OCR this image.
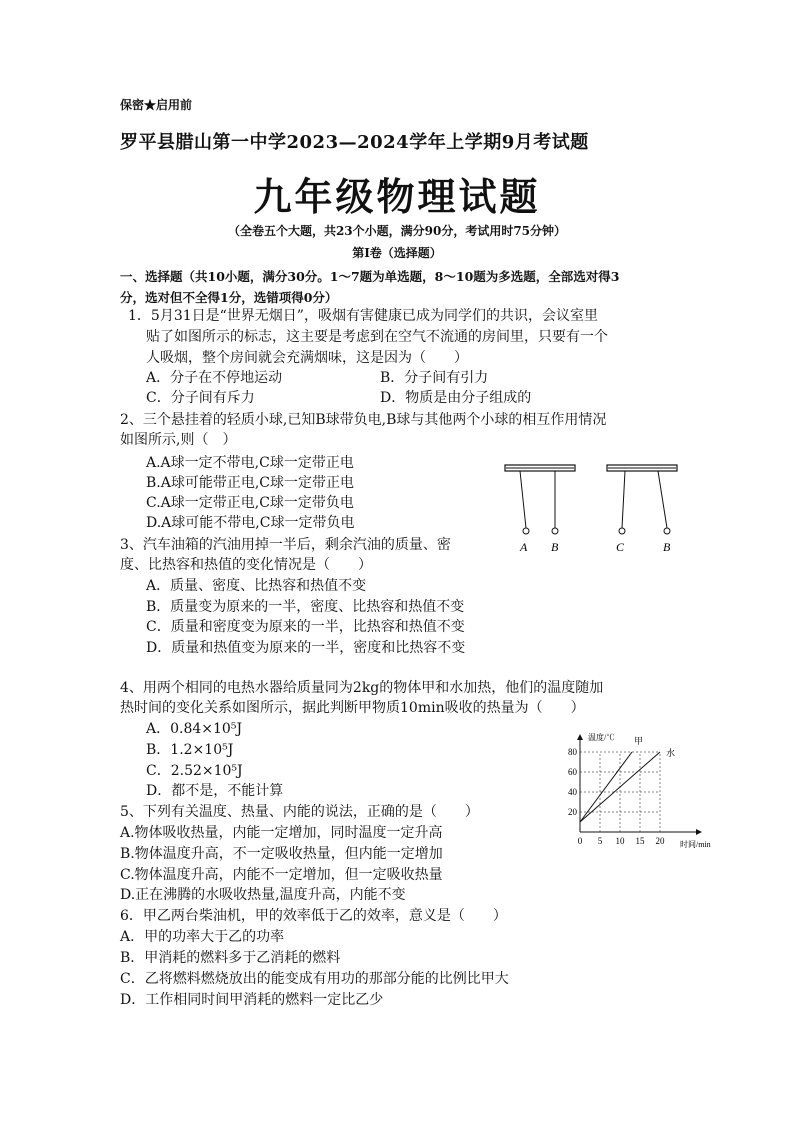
保密★启用前
罗平县腊山第一中学2023—2024学年上学期9月考试题
九年级物理试题
（全卷五个大题，共23个小题，满分90分，考试用时75分钟）
第Ⅰ卷（选择题）
一、选择题（共10小题，满分30分。1～7题为单选题，8～10题为多选题，全部选对得3
分，选对但不全得1分，选错项得0分）
1．5月31日是“世界无烟日”，吸烟有害健康已成为同学们的共识，会议室里
贴了如图所示的标志，这主要是考虑到在空气不流通的房间里，只要有一个
人吸烟，整个房间就会充满烟味，这是因为（　　）
A．分子在不停地运动	B．分子间有引力
C．分子间有斥力	D．物质是由分子组成的
2、三个悬挂着的轻质小球,已知B球带负电,B球与其他两个小球的相互作用情况
如图所示,则（　）
A.A球一定不带电,C球一定带正电
B.A球可能带正电,C球一定带正电
C.A球一定带正电,C球一定带负电
D.A球可能不带电,C球一定带负电
A B	C	B
3、汽车油箱的汽油用掉一半后，剩余汽油的质量、密
度、比热容和热值的变化情况是（　　）
A．质量、密度、比热容和热值不变
B．质量变为原来的一半，密度、比热容和热值不变
C．质量和密度变为原来的一半，比热容和热值不变
D．质量和热值变为原来的一半，密度和比热容不变
4、用两个相同的电热水器给质量同为2kg的物体甲和水加热，他们的温度随加
热时间的变化关系如图所示，据此判断甲物质10min吸收的热量为（　　）
A．0.84×10⁵J
B．1.2×10⁵J
C．2.52×10⁵J
D．都不是，不能计算
0 5 10 15 20
20
40
60
80
温度/℃
时间/min
甲
水
5、下列有关温度、热量、内能的说法，正确的是（　　）
A.物体吸收热量，内能一定增加，同时温度一定升高
B.物体温度升高，不一定吸收热量，但内能一定增加
C.物体温度升高，内能不一定增加，但一定吸收热量
D.正在沸腾的水吸收热量,温度升高，内能不变
6．甲乙两台柴油机，甲的效率低于乙的效率，意义是（　　）
A．甲的功率大于乙的功率
B．甲消耗的燃料多于乙消耗的燃料
C．乙将燃料燃烧放出的能变成有用功的那部分能的比例比甲大
D．工作相同时间甲消耗的燃料一定比乙少
